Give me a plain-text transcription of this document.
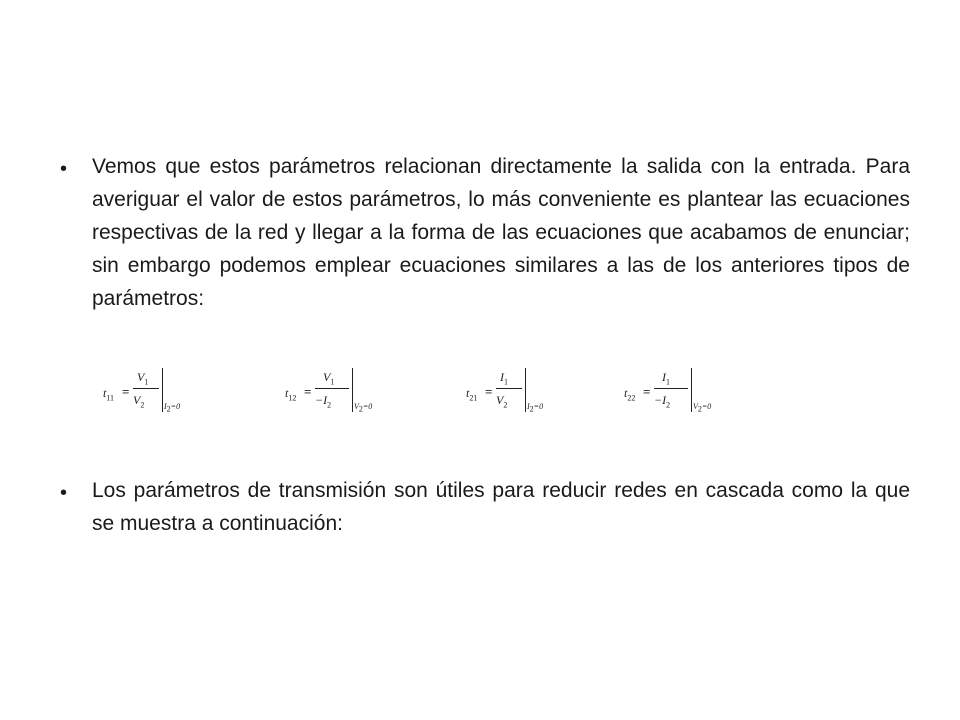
• Vemos que estos parámetros relacionan directamente la salida con la entrada. Para averiguar el valor de estos parámetros, lo más conveniente es plantear las ecuaciones respectivas de la red y llegar a la forma de las ecuaciones que acabamos de enunciar; sin embargo podemos emplear ecuaciones similares a las de los anteriores tipos de parámetros:
$t_{11}$ =
$V_1$
$V_2$ $I_2=0$
$t_{12}$ =
$V_1$
$-I_2$	$V_2=0$
$t_{21}$ =
$I_1$
$V_2$ $I_2=0$
$t_{22}$ =
$I_1$
$-I_2$	$V_2=0$
• Los parámetros de transmisión son útiles para reducir redes en cascada como la que se muestra a continuación:
